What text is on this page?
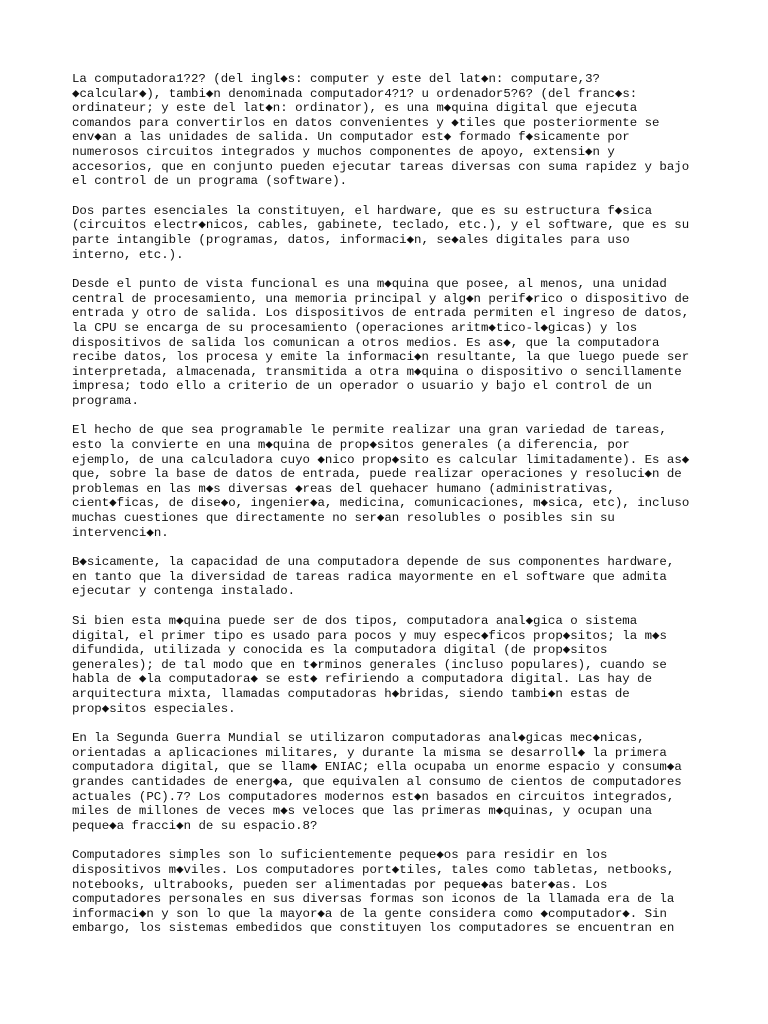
La computadora1?2? (del ingl◆s: computer y este del lat◆n: computare,3?
◆calcular◆), tambi◆n denominada computador4?1? u ordenador5?6? (del franc◆s:
ordinateur; y este del lat◆n: ordinator), es una m◆quina digital que ejecuta
comandos para convertirlos en datos convenientes y ◆tiles que posteriormente se
env◆an a las unidades de salida. Un computador est◆ formado f◆sicamente por
numerosos circuitos integrados y muchos componentes de apoyo, extensi◆n y
accesorios, que en conjunto pueden ejecutar tareas diversas con suma rapidez y bajo
el control de un programa (software).

Dos partes esenciales la constituyen, el hardware, que es su estructura f◆sica
(circuitos electr◆nicos, cables, gabinete, teclado, etc.), y el software, que es su
parte intangible (programas, datos, informaci◆n, se◆ales digitales para uso
interno, etc.).

Desde el punto de vista funcional es una m◆quina que posee, al menos, una unidad
central de procesamiento, una memoria principal y alg◆n perif◆rico o dispositivo de
entrada y otro de salida. Los dispositivos de entrada permiten el ingreso de datos,
la CPU se encarga de su procesamiento (operaciones aritm◆tico-l◆gicas) y los
dispositivos de salida los comunican a otros medios. Es as◆, que la computadora
recibe datos, los procesa y emite la informaci◆n resultante, la que luego puede ser
interpretada, almacenada, transmitida a otra m◆quina o dispositivo o sencillamente
impresa; todo ello a criterio de un operador o usuario y bajo el control de un
programa.

El hecho de que sea programable le permite realizar una gran variedad de tareas,
esto la convierte en una m◆quina de prop◆sitos generales (a diferencia, por
ejemplo, de una calculadora cuyo ◆nico prop◆sito es calcular limitadamente). Es as◆
que, sobre la base de datos de entrada, puede realizar operaciones y resoluci◆n de
problemas en las m◆s diversas ◆reas del quehacer humano (administrativas,
cient◆ficas, de dise◆o, ingenier◆a, medicina, comunicaciones, m◆sica, etc), incluso
muchas cuestiones que directamente no ser◆an resolubles o posibles sin su
intervenci◆n.

B◆sicamente, la capacidad de una computadora depende de sus componentes hardware,
en tanto que la diversidad de tareas radica mayormente en el software que admita
ejecutar y contenga instalado.

Si bien esta m◆quina puede ser de dos tipos, computadora anal◆gica o sistema
digital, el primer tipo es usado para pocos y muy espec◆ficos prop◆sitos; la m◆s
difundida, utilizada y conocida es la computadora digital (de prop◆sitos
generales); de tal modo que en t◆rminos generales (incluso populares), cuando se
habla de ◆la computadora◆ se est◆ refiriendo a computadora digital. Las hay de
arquitectura mixta, llamadas computadoras h◆bridas, siendo tambi◆n estas de
prop◆sitos especiales.

En la Segunda Guerra Mundial se utilizaron computadoras anal◆gicas mec◆nicas,
orientadas a aplicaciones militares, y durante la misma se desarroll◆ la primera
computadora digital, que se llam◆ ENIAC; ella ocupaba un enorme espacio y consum◆a
grandes cantidades de energ◆a, que equivalen al consumo de cientos de computadores
actuales (PC).7? Los computadores modernos est◆n basados en circuitos integrados,
miles de millones de veces m◆s veloces que las primeras m◆quinas, y ocupan una
peque◆a fracci◆n de su espacio.8?

Computadores simples son lo suficientemente peque◆os para residir en los
dispositivos m◆viles. Los computadores port◆tiles, tales como tabletas, netbooks,
notebooks, ultrabooks, pueden ser alimentadas por peque◆as bater◆as. Los
computadores personales en sus diversas formas son iconos de la llamada era de la
informaci◆n y son lo que la mayor◆a de la gente considera como ◆computador◆. Sin
embargo, los sistemas embedidos que constituyen los computadores se encuentran en
